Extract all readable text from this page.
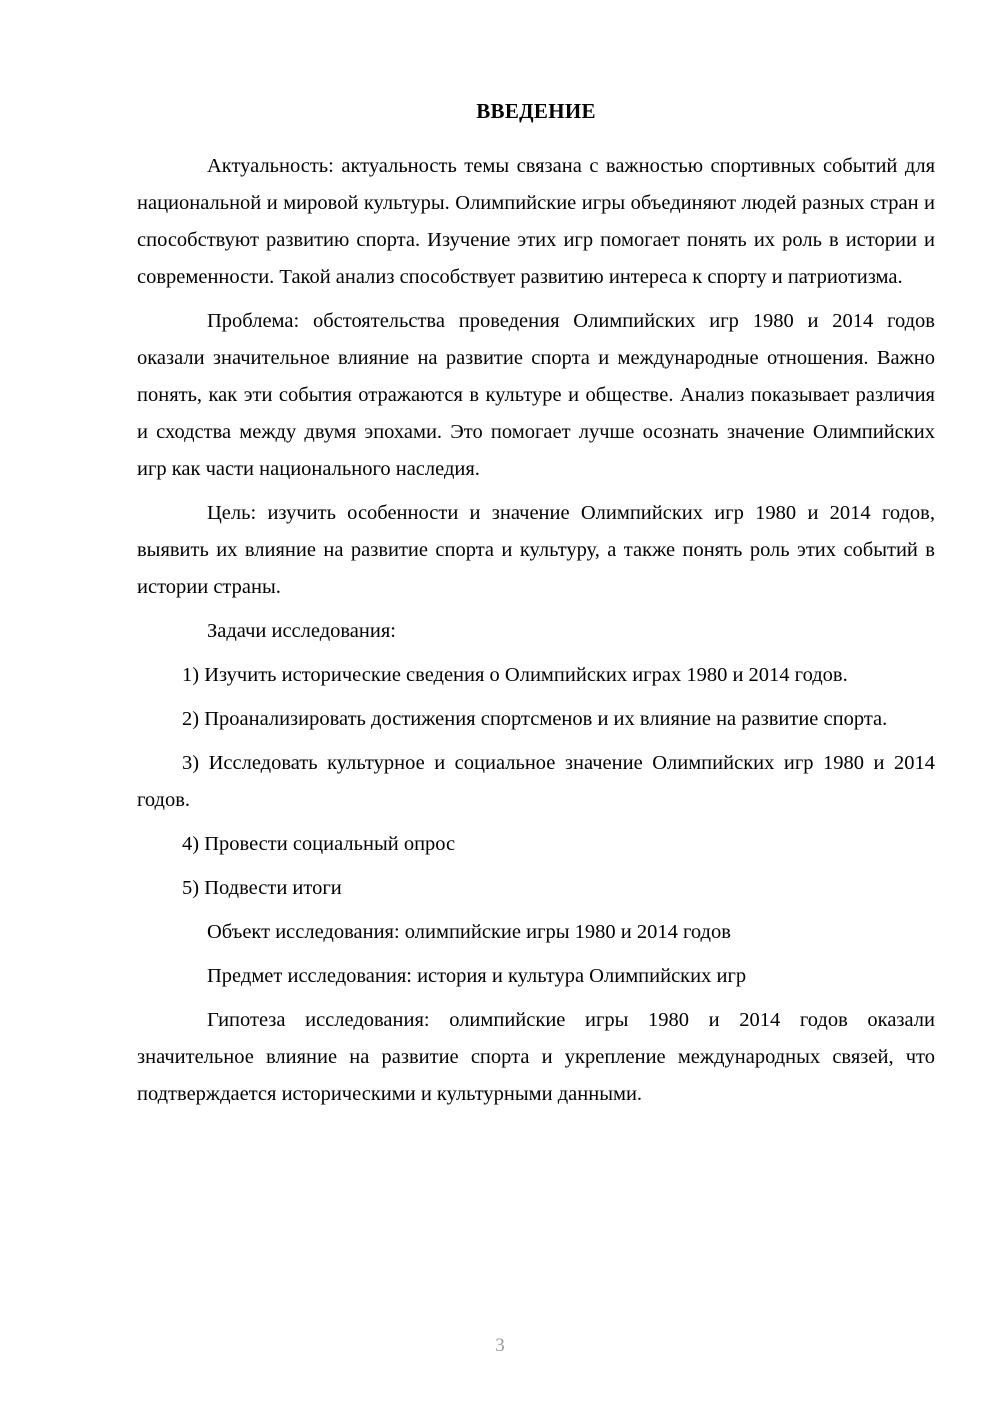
ВВЕДЕНИЕ

Актуальность: актуальность темы связана с важностью спортивных событий для национальной и мировой культуры. Олимпийские игры объединяют людей разных стран и способствуют развитию спорта. Изучение этих игр помогает понять их роль в истории и современности. Такой анализ способствует развитию интереса к спорту и патриотизма.

Проблема: обстоятельства проведения Олимпийских игр 1980 и 2014 годов оказали значительное влияние на развитие спорта и международные отношения. Важно понять, как эти события отражаются в культуре и обществе. Анализ показывает различия и сходства между двумя эпохами. Это помогает лучше осознать значение Олимпийских игр как части национального наследия.

Цель: изучить особенности и значение Олимпийских игр 1980 и 2014 годов, выявить их влияние на развитие спорта и культуру, а также понять роль этих событий в истории страны.

Задачи исследования:

1) Изучить исторические сведения о Олимпийских играх 1980 и 2014 годов.

2) Проанализировать достижения спортсменов и их влияние на развитие спорта.

3) Исследовать культурное и социальное значение Олимпийских игр 1980 и 2014 годов.

4) Провести социальный опрос

5) Подвести итоги

Объект исследования: олимпийские игры 1980 и 2014 годов

Предмет исследования: история и культура Олимпийских игр

Гипотеза исследования: олимпийские игры 1980 и 2014 годов оказали значительное влияние на развитие спорта и укрепление международных связей, что подтверждается историческими и культурными данными.

3
